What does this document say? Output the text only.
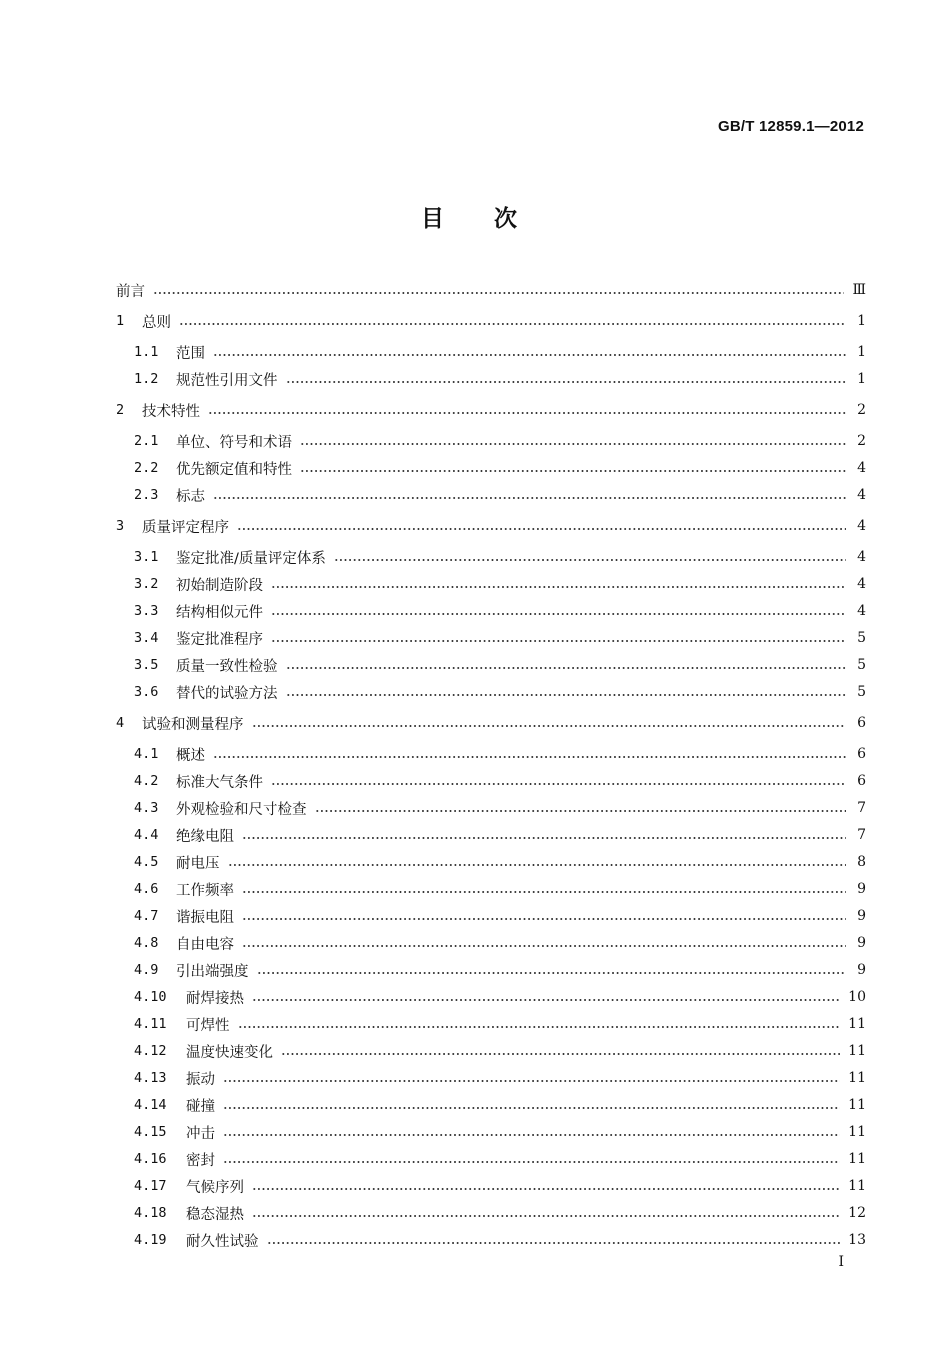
GB/T 12859.1—2012
目次
前言	Ⅲ
1	总则	1
1.1	范围	1
1.2	规范性引用文件	1
2	技术特性	2
2.1	单位、符号和术语	2
2.2	优先额定值和特性	4
2.3	标志	4
3	质量评定程序	4
3.1	鉴定批准/质量评定体系	4
3.2	初始制造阶段	4
3.3	结构相似元件	4
3.4	鉴定批准程序	5
3.5	质量一致性检验	5
3.6	替代的试验方法	5
4	试验和测量程序	6
4.1	概述	6
4.2	标准大气条件	6
4.3	外观检验和尺寸检查	7
4.4	绝缘电阻	7
4.5	耐电压	8
4.6	工作频率	9
4.7	谐振电阻	9
4.8	自由电容	9
4.9	引出端强度	9
4.10	耐焊接热	10
4.11	可焊性	11
4.12	温度快速变化	11
4.13	振动	11
4.14	碰撞	11
4.15	冲击	11
4.16	密封	11
4.17	气候序列	11
4.18	稳态湿热	12
4.19	耐久性试验	13
Ⅰ
